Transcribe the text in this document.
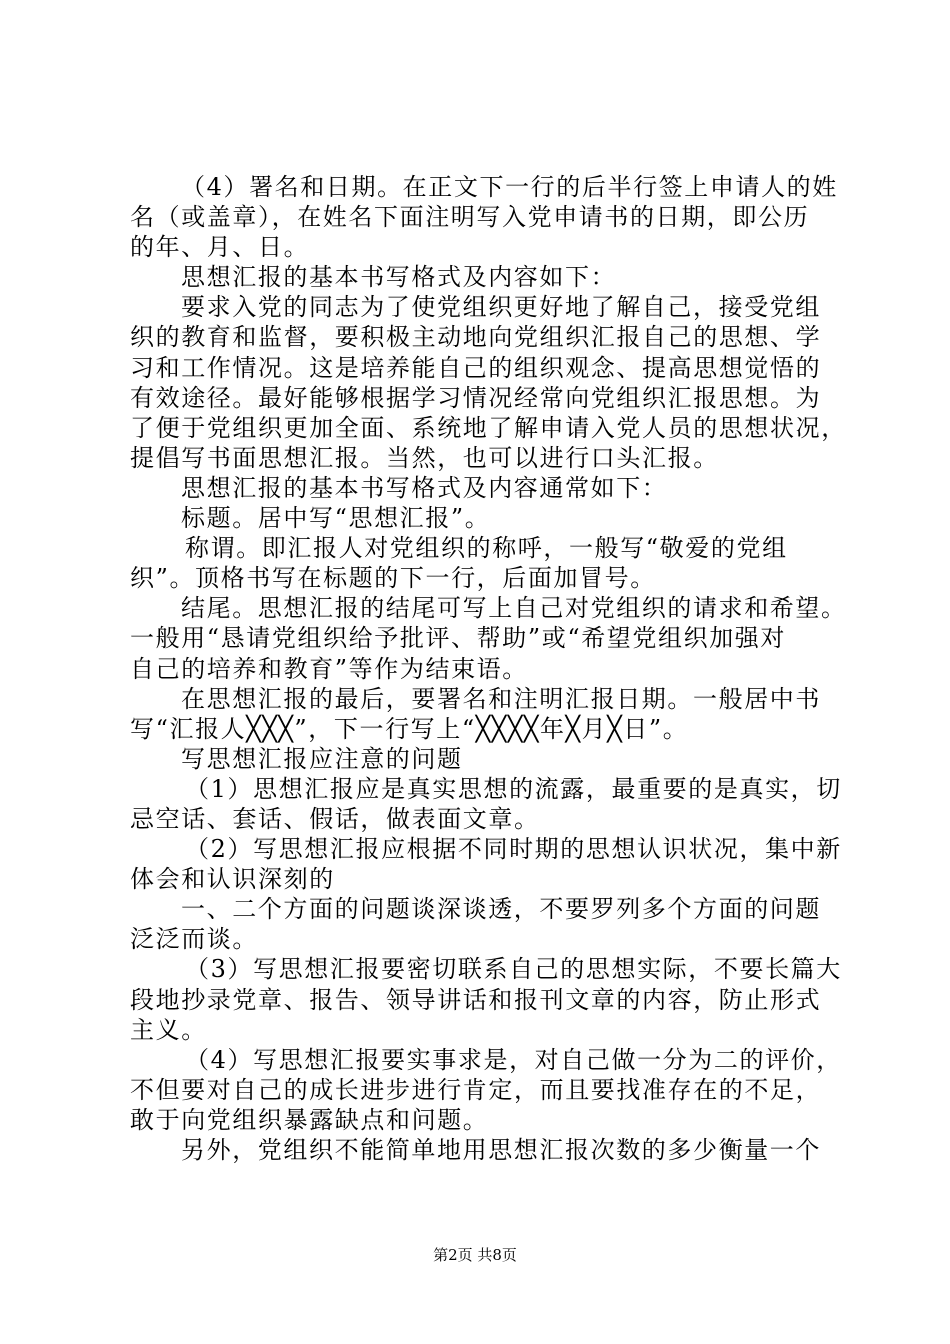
（4）署名和日期。在正文下一行的后半行签上申请人的姓
名（或盖章），在姓名下面注明写入党申请书的日期，即公历
的年、月、日。

思想汇报的基本书写格式及内容如下：

要求入党的同志为了使党组织更好地了解自己，接受党组
织的教育和监督，要积极主动地向党组织汇报自己的思想、学
习和工作情况。这是培养能自己的组织观念、提高思想觉悟的
有效途径。最好能够根据学习情况经常向党组织汇报思想。为
了便于党组织更加全面、系统地了解申请入党人员的思想状况，
提倡写书面思想汇报。当然，也可以进行口头汇报。

思想汇报的基本书写格式及内容通常如下：

标题。居中写“思想汇报”。

称谓。即汇报人对党组织的称呼，一般写“敬爱的党组
织”。顶格书写在标题的下一行，后面加冒号。

结尾。思想汇报的结尾可写上自己对党组织的请求和希望。
一般用“恳请党组织给予批评、帮助”或“希望党组织加强对
自己的培养和教育”等作为结束语。

在思想汇报的最后，要署名和注明汇报日期。一般居中书
写“汇报人╳╳╳”，下一行写上“╳╳╳╳年╳月╳日”。

写思想汇报应注意的问题

（1）思想汇报应是真实思想的流露，最重要的是真实，切
忌空话、套话、假话，做表面文章。

（2）写思想汇报应根据不同时期的思想认识状况，集中新
体会和认识深刻的

一、二个方面的问题谈深谈透，不要罗列多个方面的问题
泛泛而谈。

（3）写思想汇报要密切联系自己的思想实际，不要长篇大
段地抄录党章、报告、领导讲话和报刊文章的内容，防止形式
主义。

（4）写思想汇报要实事求是，对自己做一分为二的评价，
不但要对自己的成长进步进行肯定，而且要找准存在的不足，
敢于向党组织暴露缺点和问题。

另外，党组织不能简单地用思想汇报次数的多少衡量一个

第2页 共8页
